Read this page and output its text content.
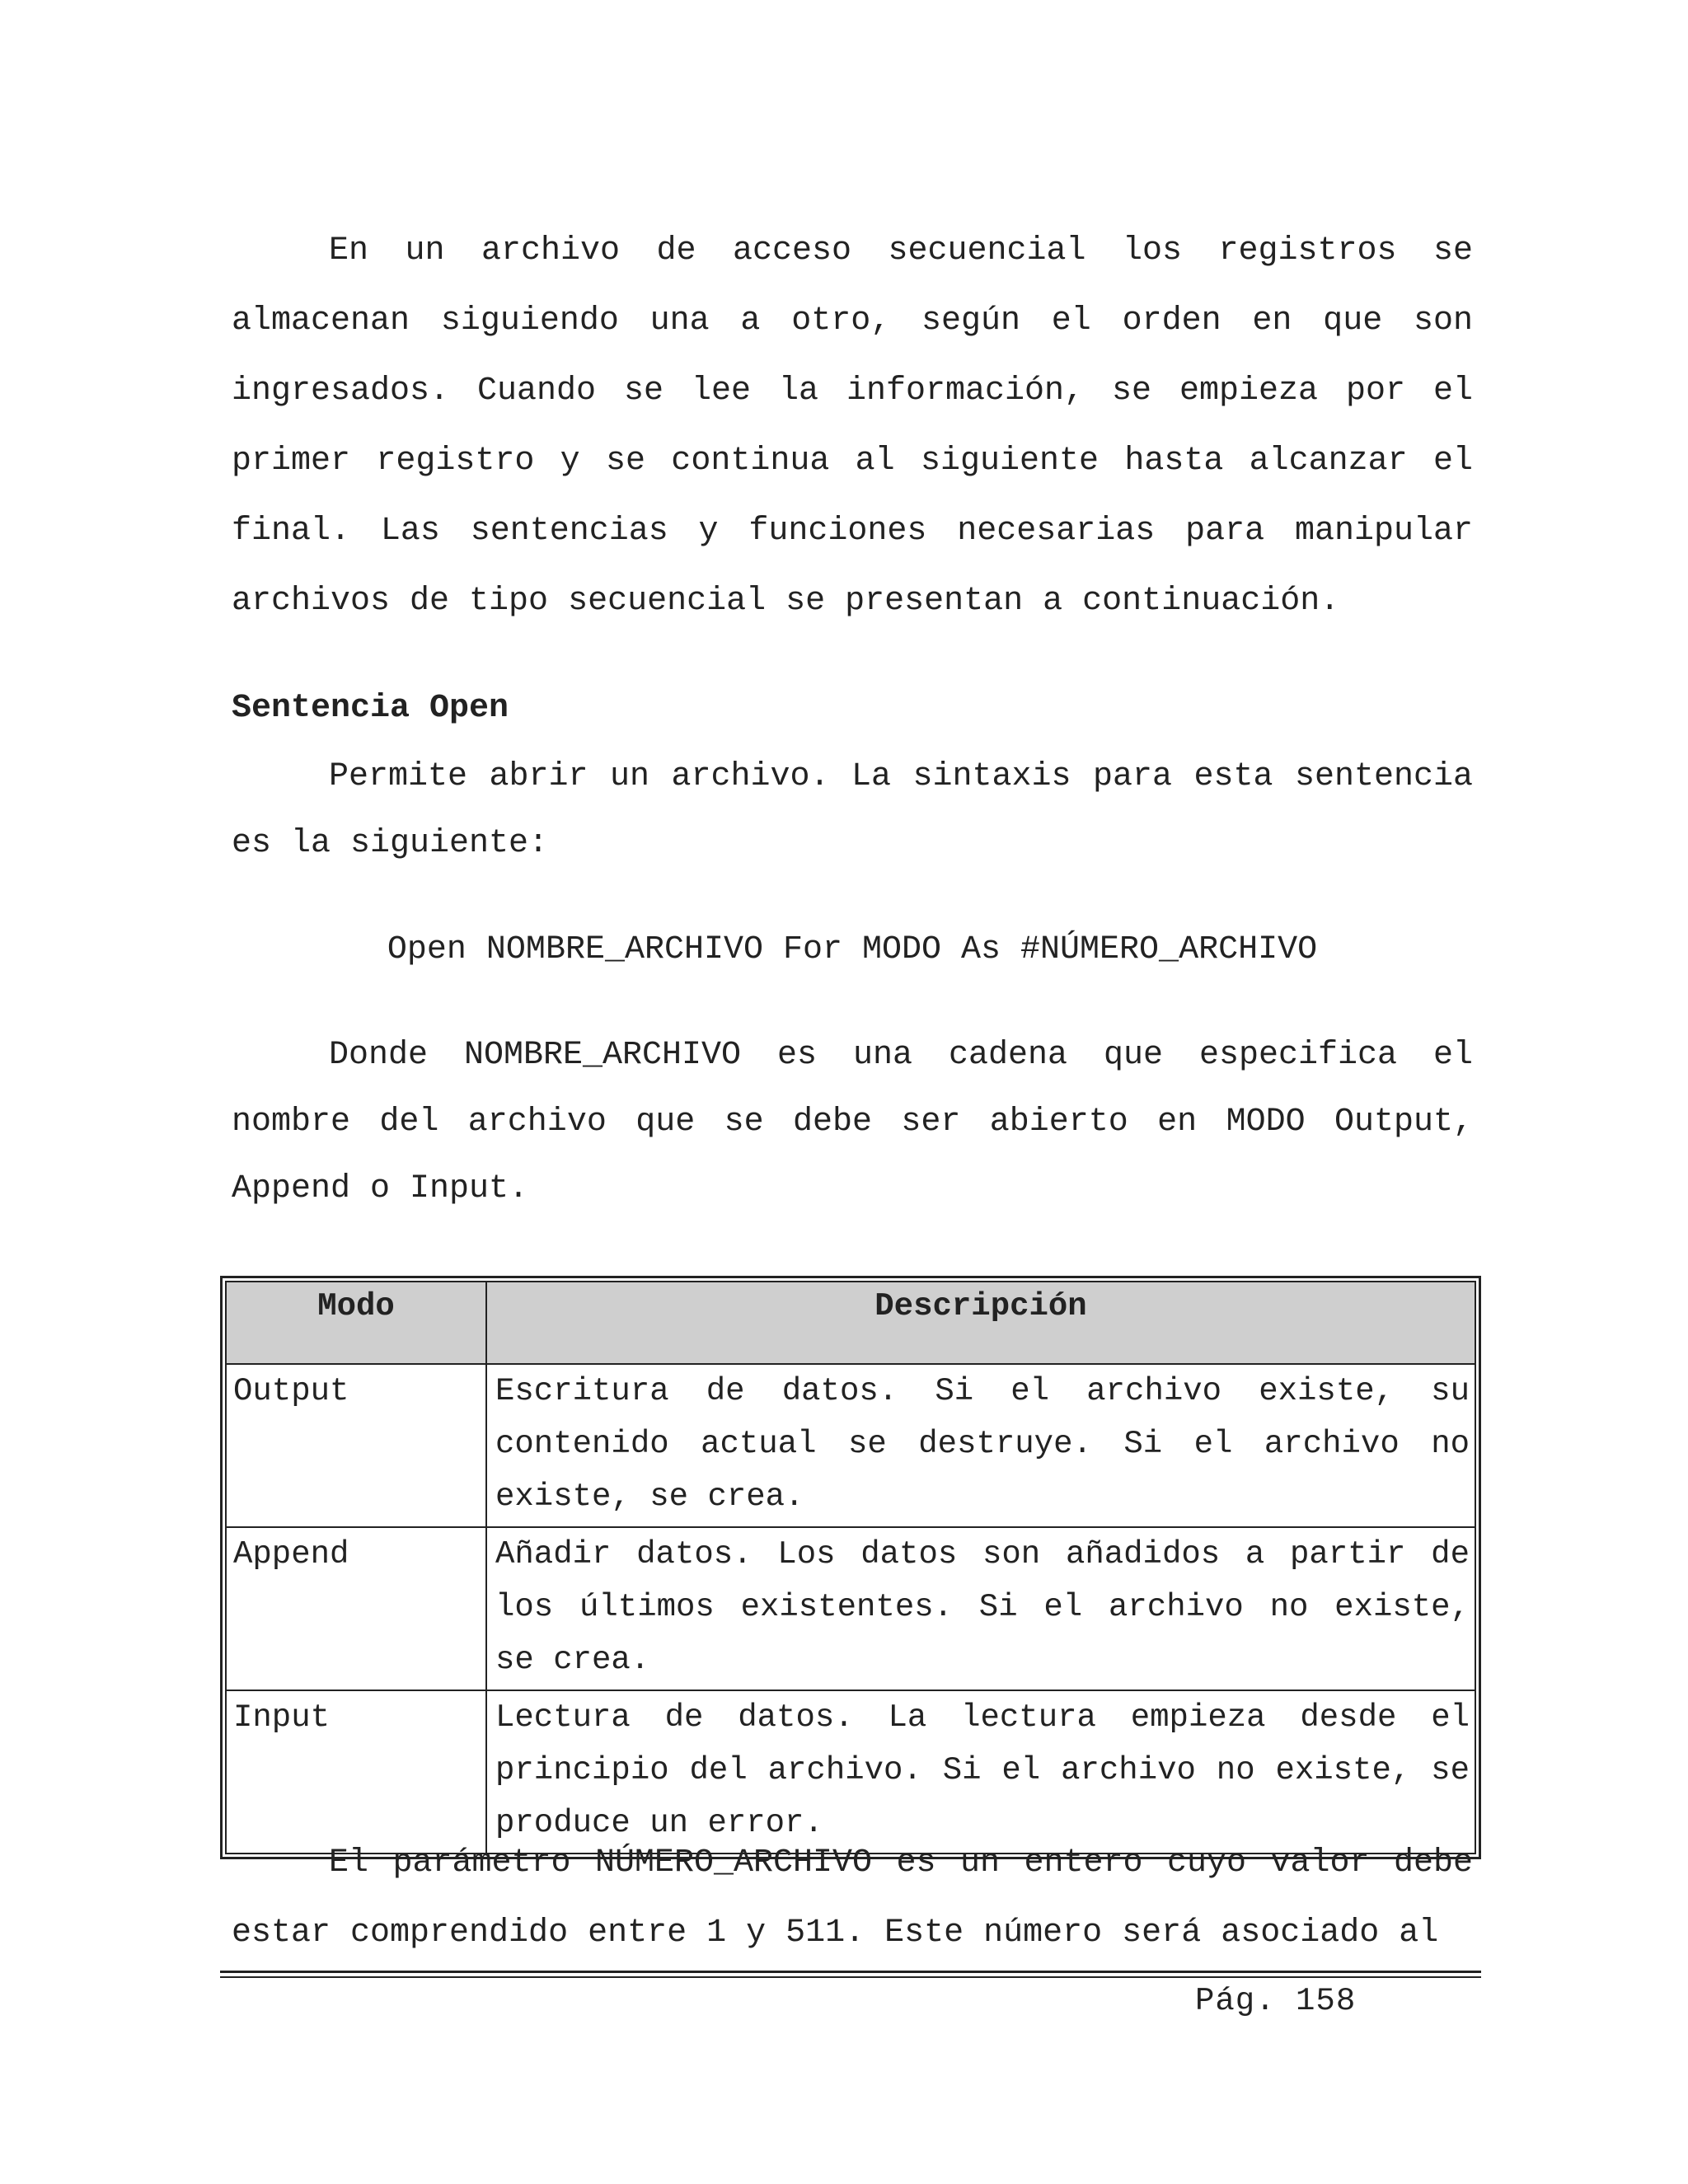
En un archivo de acceso secuencial los registros se almacenan siguiendo una a otro, según el orden en que son ingresados. Cuando se lee la información, se empieza por el primer registro y se continua al siguiente hasta alcanzar el final. Las sentencias y funciones necesarias para manipular archivos de tipo secuencial se presentan a continuación.

Sentencia Open

Permite abrir un archivo. La sintaxis para esta sentencia es la siguiente:

Open NOMBRE_ARCHIVO For MODO As #NÚMERO_ARCHIVO

Donde NOMBRE_ARCHIVO es una cadena que especifica el nombre del archivo que se debe ser abierto en MODO Output, Append o Input.

Modo	Descripción
Output	Escritura de datos. Si el archivo existe, su contenido actual se destruye. Si el archivo no existe, se crea.
Append	Añadir datos. Los datos son añadidos a partir de los últimos existentes. Si el archivo no existe, se crea.
Input	Lectura de datos. La lectura empieza desde el principio del archivo. Si el archivo no existe, se produce un error.

El parámetro NÚMERO_ARCHIVO es un entero cuyo valor debe estar comprendido entre 1 y 511. Este número será asociado al

Pág. 158
